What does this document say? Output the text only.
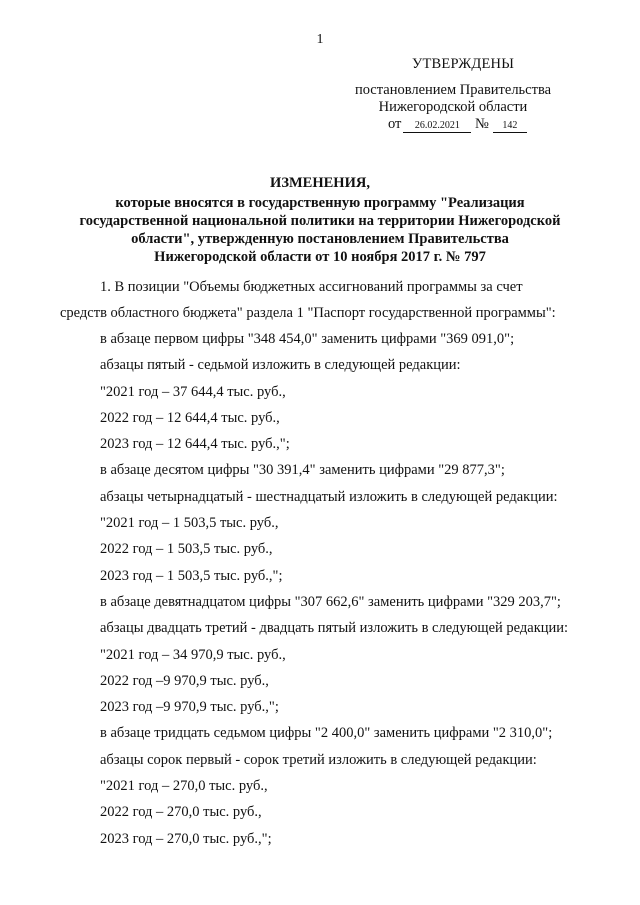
1
УТВЕРЖДЕНЫ
постановлением Правительства
Нижегородской области
от 26.02.2021 № 142
ИЗМЕНЕНИЯ,
которые вносятся в государственную программу "Реализация
государственной национальной политики на территории Нижегородской
области", утвержденную постановлением Правительства
Нижегородской области от 10 ноября 2017 г. № 797
1. В позиции "Объемы бюджетных ассигнований программы за счет
средств областного бюджета" раздела 1 "Паспорт государственной программы":
в абзаце первом цифры "348 454,0" заменить цифрами "369 091,0";
абзацы пятый - седьмой изложить в следующей редакции:
"2021 год – 37 644,4 тыс. руб.,
2022 год – 12 644,4 тыс. руб.,
2023 год – 12 644,4 тыс. руб.,";
в абзаце десятом цифры "30 391,4" заменить цифрами "29 877,3";
абзацы четырнадцатый - шестнадцатый изложить в следующей редакции:
"2021 год – 1 503,5 тыс. руб.,
2022 год – 1 503,5 тыс. руб.,
2023 год – 1 503,5 тыс. руб.,";
в абзаце девятнадцатом цифры "307 662,6" заменить цифрами "329 203,7";
абзацы двадцать третий - двадцать пятый изложить в следующей редакции:
"2021 год – 34 970,9 тыс. руб.,
2022 год –9 970,9 тыс. руб.,
2023 год –9 970,9 тыс. руб.,";
в абзаце тридцать седьмом цифры "2 400,0" заменить цифрами "2 310,0";
абзацы сорок первый - сорок третий изложить в следующей редакции:
"2021 год – 270,0 тыс. руб.,
2022 год – 270,0 тыс. руб.,
2023 год – 270,0 тыс. руб.,";
